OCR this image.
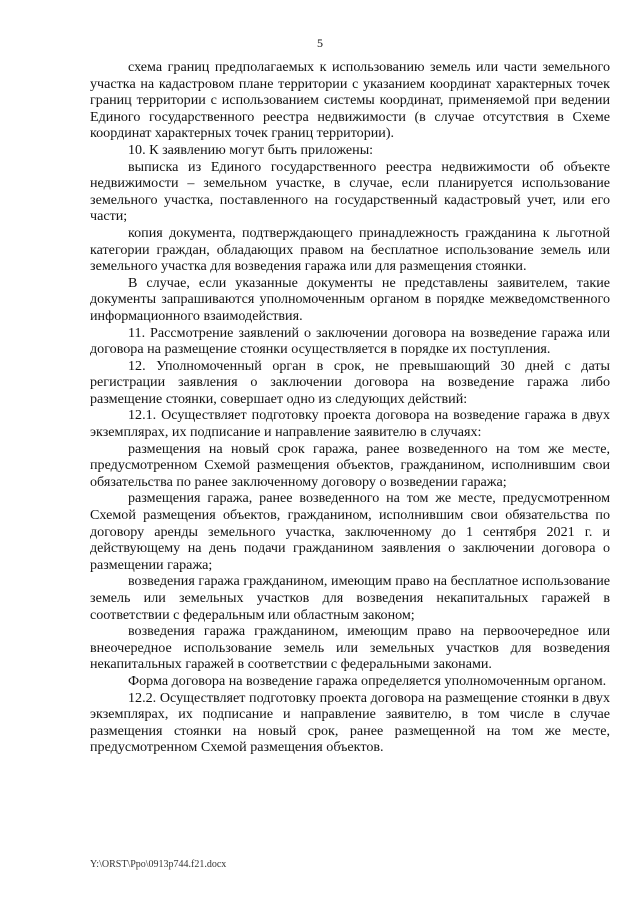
5

схема границ предполагаемых к использованию земель или части земельного участка на кадастровом плане территории с указанием координат характерных точек границ территории с использованием системы координат, применяемой при ведении Единого государственного реестра недвижимости (в случае отсутствия в Схеме координат характерных точек границ территории).

10. К заявлению могут быть приложены:

выписка из Единого государственного реестра недвижимости об объекте недвижимости – земельном участке, в случае, если планируется использование земельного участка, поставленного на государственный кадастровый учет, или его части;

копия документа, подтверждающего принадлежность гражданина к льготной категории граждан, обладающих правом на бесплатное использование земель или земельного участка для возведения гаража или для размещения стоянки.

В случае, если указанные документы не представлены заявителем, такие документы запрашиваются уполномоченным органом в порядке межведомственного информационного взаимодействия.

11. Рассмотрение заявлений о заключении договора на возведение гаража или договора на размещение стоянки осуществляется в порядке их поступления.

12. Уполномоченный орган в срок, не превышающий 30 дней с даты регистрации заявления о заключении договора на возведение гаража либо размещение стоянки, совершает одно из следующих действий:

12.1. Осуществляет подготовку проекта договора на возведение гаража в двух экземплярах, их подписание и направление заявителю в случаях:

размещения на новый срок гаража, ранее возведенного на том же месте, предусмотренном Схемой размещения объектов, гражданином, исполнившим свои обязательства по ранее заключенному договору о возведении гаража;

размещения гаража, ранее возведенного на том же месте, предусмотренном Схемой размещения объектов, гражданином, исполнившим свои обязательства по договору аренды земельного участка, заключенному до 1 сентября 2021 г. и действующему на день подачи гражданином заявления о заключении договора о размещении гаража;

возведения гаража гражданином, имеющим право на бесплатное использование земель или земельных участков для возведения некапитальных гаражей в соответствии с федеральным или областным законом;

возведения гаража гражданином, имеющим право на первоочередное или внеочередное использование земель или земельных участков для возведения некапитальных гаражей в соответствии с федеральными законами.

Форма договора на возведение гаража определяется уполномоченным органом.

12.2. Осуществляет подготовку проекта договора на размещение стоянки в двух экземплярах, их подписание и направление заявителю, в том числе в случае размещения стоянки на новый срок, ранее размещенной на том же месте, предусмотренном Схемой размещения объектов.

Y:\ORST\Ppo\0913p744.f21.docx
